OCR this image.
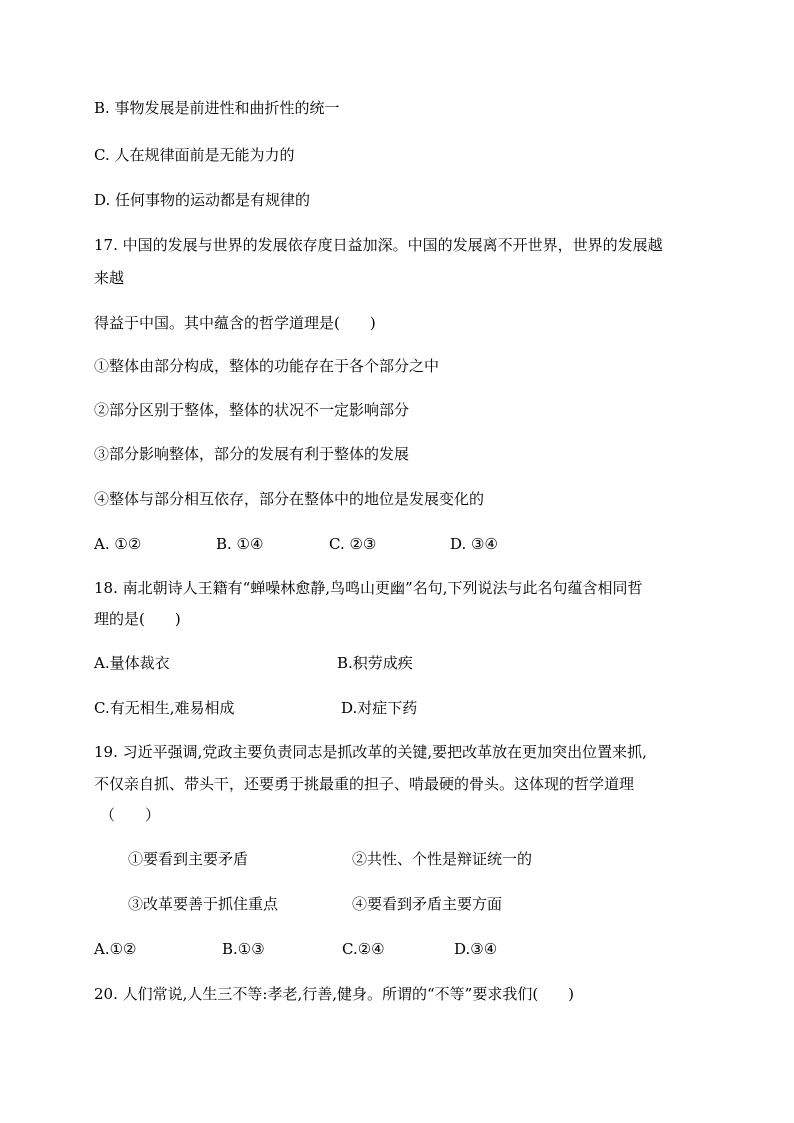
B. 事物发展是前进性和曲折性的统一

C. 人在规律面前是无能为力的

D. 任何事物的运动都是有规律的

17. 中国的发展与世界的发展依存度日益加深。中国的发展离不开世界，世界的发展越

来越

得益于中国。其中蕴含的哲学道理是(　　)

①整体由部分构成，整体的功能存在于各个部分之中

②部分区别于整体，整体的状况不一定影响部分

③部分影响整体，部分的发展有利于整体的发展

④整体与部分相互依存，部分在整体中的地位是发展变化的

A. ①②	B. ①④	C. ②③	D. ③④

18. 南北朝诗人王籍有“蝉噪林愈静,鸟鸣山更幽”名句,下列说法与此名句蕴含相同哲

理的是(　　)

A.量体裁衣	B.积劳成疾
C.有无相生,难易相成	D.对症下药

19. 习近平强调,党政主要负责同志是抓改革的关键,要把改革放在更加突出位置来抓,

不仅亲自抓、带头干，还要勇于挑最重的担子、啃最硬的骨头。这体现的哲学道理

（　　）

①要看到主要矛盾	②共性、个性是辩证统一的
③改革要善于抓住重点	④要看到矛盾主要方面
A.①②	B.①③	C.②④	D.③④

20. 人们常说,人生三不等:孝老,行善,健身。所谓的“不等”要求我们(　　)
